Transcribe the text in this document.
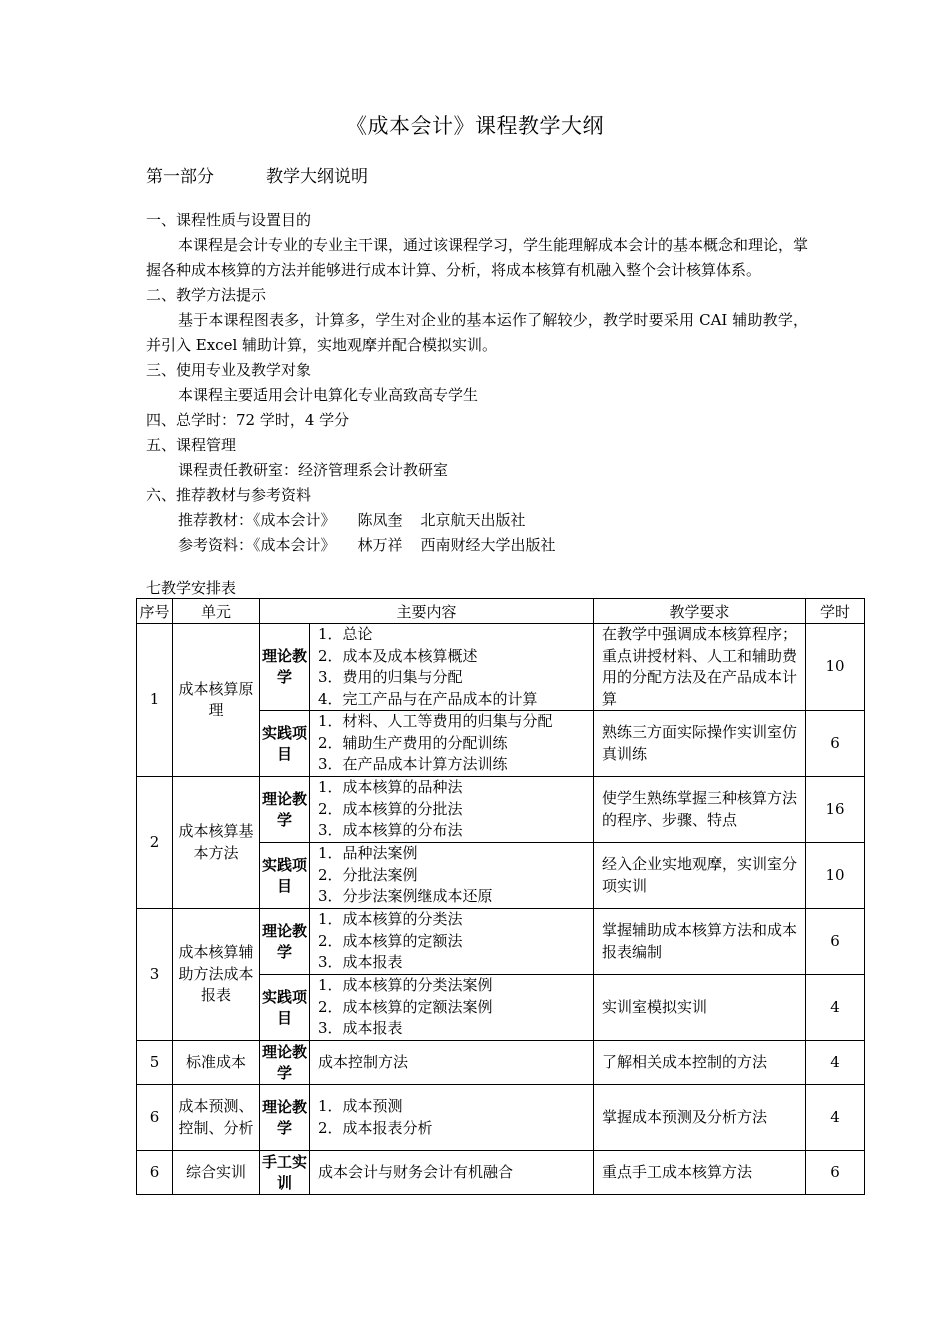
《成本会计》课程教学大纲
第一部分	教学大纲说明

一、课程性质与设置目的

本课程是会计专业的专业主干课，通过该课程学习，学生能理解成本会计的基本概念和理论，掌握各种成本核算的方法并能够进行成本计算、分析，将成本核算有机融入整个会计核算体系。

二、教学方法提示

基于本课程图表多，计算多，学生对企业的基本运作了解较少，教学时要采用 CAI 辅助教学，并引入 Excel 辅助计算，实地观摩并配合模拟实训。

三、使用专业及教学对象

本课程主要适用会计电算化专业高致高专学生

四、总学时：72 学时，4 学分

五、课程管理

课程责任教研室：经济管理系会计教研室

六、推荐教材与参考资料

推荐教材：《成本会计》 陈凤奎 北京航天出版社

参考资料：《成本会计》 林万祥 西南财经大学出版社

七教学安排表
序号	单元	主要内容		教学要求	学时
1	成本核算原理	理论教学	1．总论
2．成本及成本核算概述
3．费用的归集与分配
4．完工产品与在产品成本的计算	在教学中强调成本核算程序；重点讲授材料、人工和辅助费用的分配方法及在产品成本计算	10
		实践项目	1．材料、人工等费用的归集与分配
2．辅助生产费用的分配训练
3．在产品成本计算方法训练	熟练三方面实际操作实训室仿真训练	6
2	成本核算基本方法	理论教学	1．成本核算的品种法
2．成本核算的分批法
3．成本核算的分布法	使学生熟练掌握三种核算方法的程序、步骤、特点	16
		实践项目	1．品种法案例
2．分批法案例
3．分步法案例继成本还原	经入企业实地观摩，实训室分项实训	10
3	成本核算辅助方法成本报表	理论教学	1．成本核算的分类法
2．成本核算的定额法
3．成本报表	掌握辅助成本核算方法和成本报表编制	6
		实践项目	1．成本核算的分类法案例
2．成本核算的定额法案例
3．成本报表	实训室模拟实训	4
5	标准成本	理论教学	成本控制方法	了解相关成本控制的方法	4
6	成本预测、控制、分析	理论教学	1．成本预测
2．成本报表分析	掌握成本预测及分析方法	4
6	综合实训	手工实训	成本会计与财务会计有机融合	重点手工成本核算方法	6
